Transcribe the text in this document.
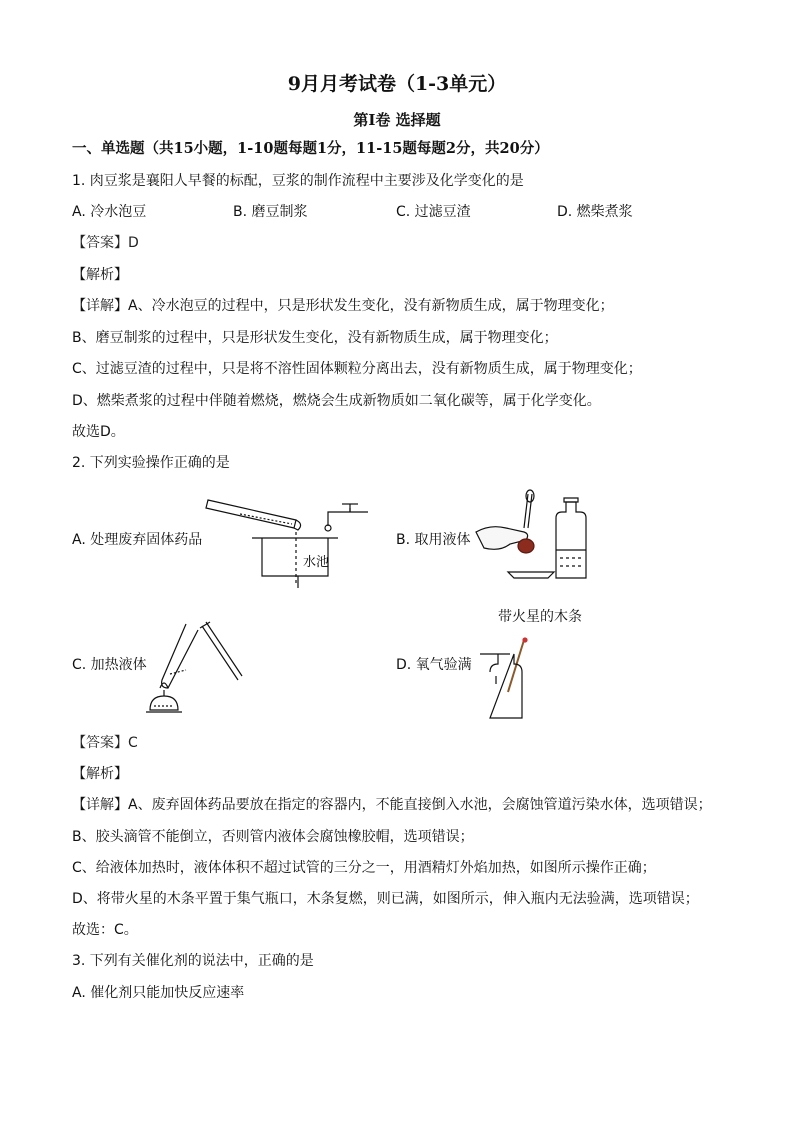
9月月考试卷（1-3单元）
第Ⅰ卷 选择题
一、单选题（共15小题，1-10题每题1分，11-15题每题2分，共20分）
1. 肉豆浆是襄阳人早餐的标配，豆浆的制作流程中主要涉及化学变化的是
A. 冷水泡豆	B. 磨豆制浆	C. 过滤豆渣	D. 燃柴煮浆
【答案】D
【解析】
【详解】A、冷水泡豆的过程中，只是形状发生变化，没有新物质生成，属于物理变化；
B、磨豆制浆的过程中，只是形状发生变化，没有新物质生成，属于物理变化；
C、过滤豆渣的过程中，只是将不溶性固体颗粒分离出去，没有新物质生成，属于物理变化；
D、燃柴煮浆的过程中伴随着燃烧，燃烧会生成新物质如二氧化碳等，属于化学变化。
故选D。
2. 下列实验操作正确的是
A. 处理废弃固体药品	B. 取用液体
C. 加热液体	D. 氧气验满
水池
带火星的木条
【答案】C
【解析】
【详解】A、废弃固体药品要放在指定的容器内，不能直接倒入水池，会腐蚀管道污染水体，选项错误；
B、胶头滴管不能倒立，否则管内液体会腐蚀橡胶帽，选项错误；
C、给液体加热时，液体体积不超过试管的三分之一，用酒精灯外焰加热，如图所示操作正确；
D、将带火星的木条平置于集气瓶口，木条复燃，则已满，如图所示，伸入瓶内无法验满，选项错误；
故选：C。
3. 下列有关催化剂的说法中，正确的是
A. 催化剂只能加快反应速率
